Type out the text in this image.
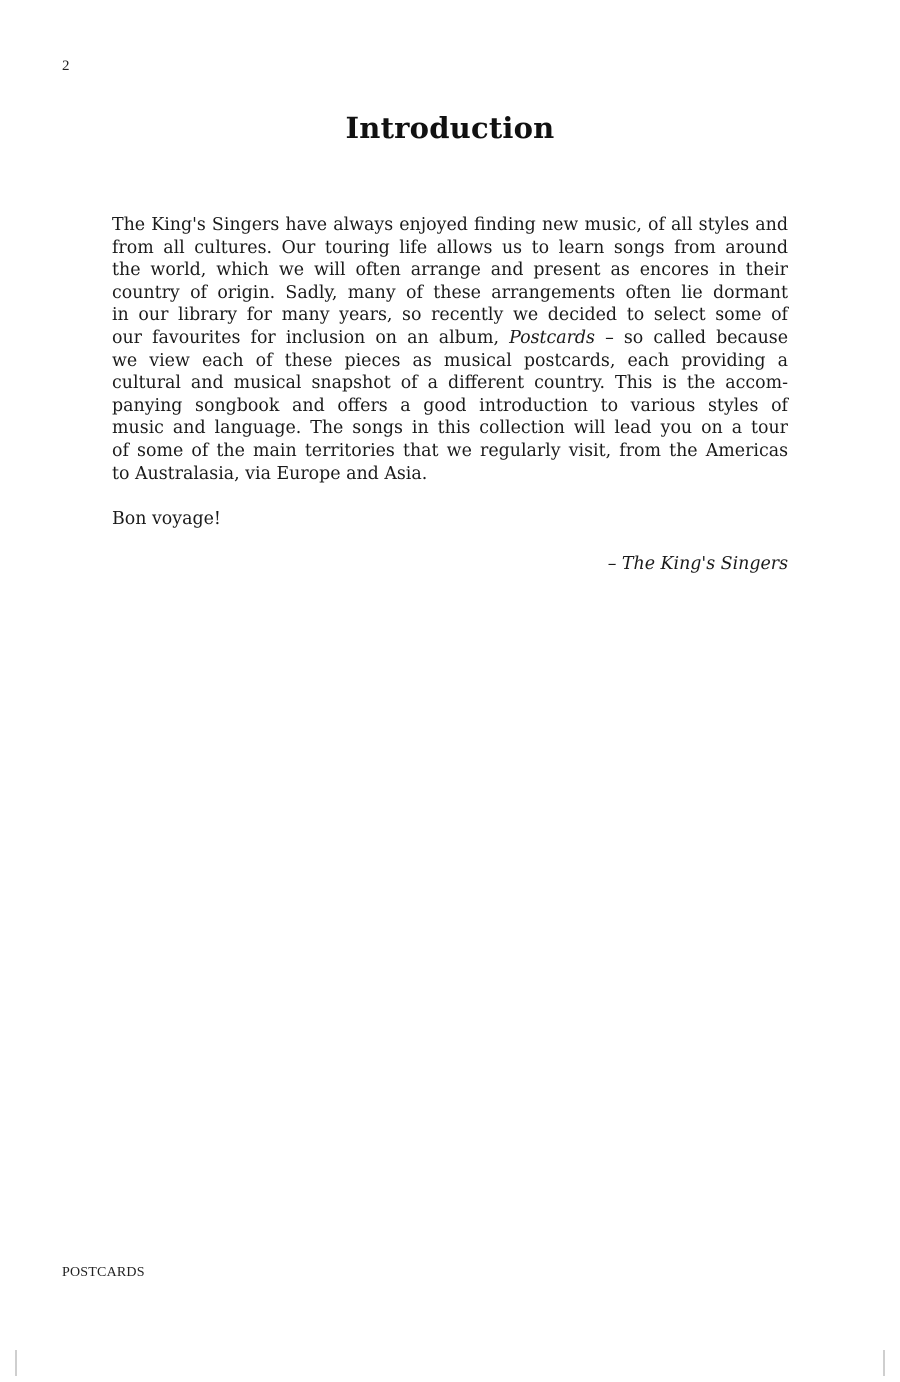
2
Introduction
The King's Singers have always enjoyed finding new music, of all styles and
from all cultures. Our touring life allows us to learn songs from around
the world, which we will often arrange and present as encores in their
country of origin. Sadly, many of these arrangements often lie dormant
in our library for many years, so recently we decided to select some of
our favourites for inclusion on an album, Postcards – so called because
we view each of these pieces as musical postcards, each providing a
cultural and musical snapshot of a different country. This is the accom-
panying songbook and offers a good introduction to various styles of
music and language. The songs in this collection will lead you on a tour
of some of the main territories that we regularly visit, from the Americas
to Australasia, via Europe and Asia.

Bon voyage!

– The King's Singers

POSTCARDS
